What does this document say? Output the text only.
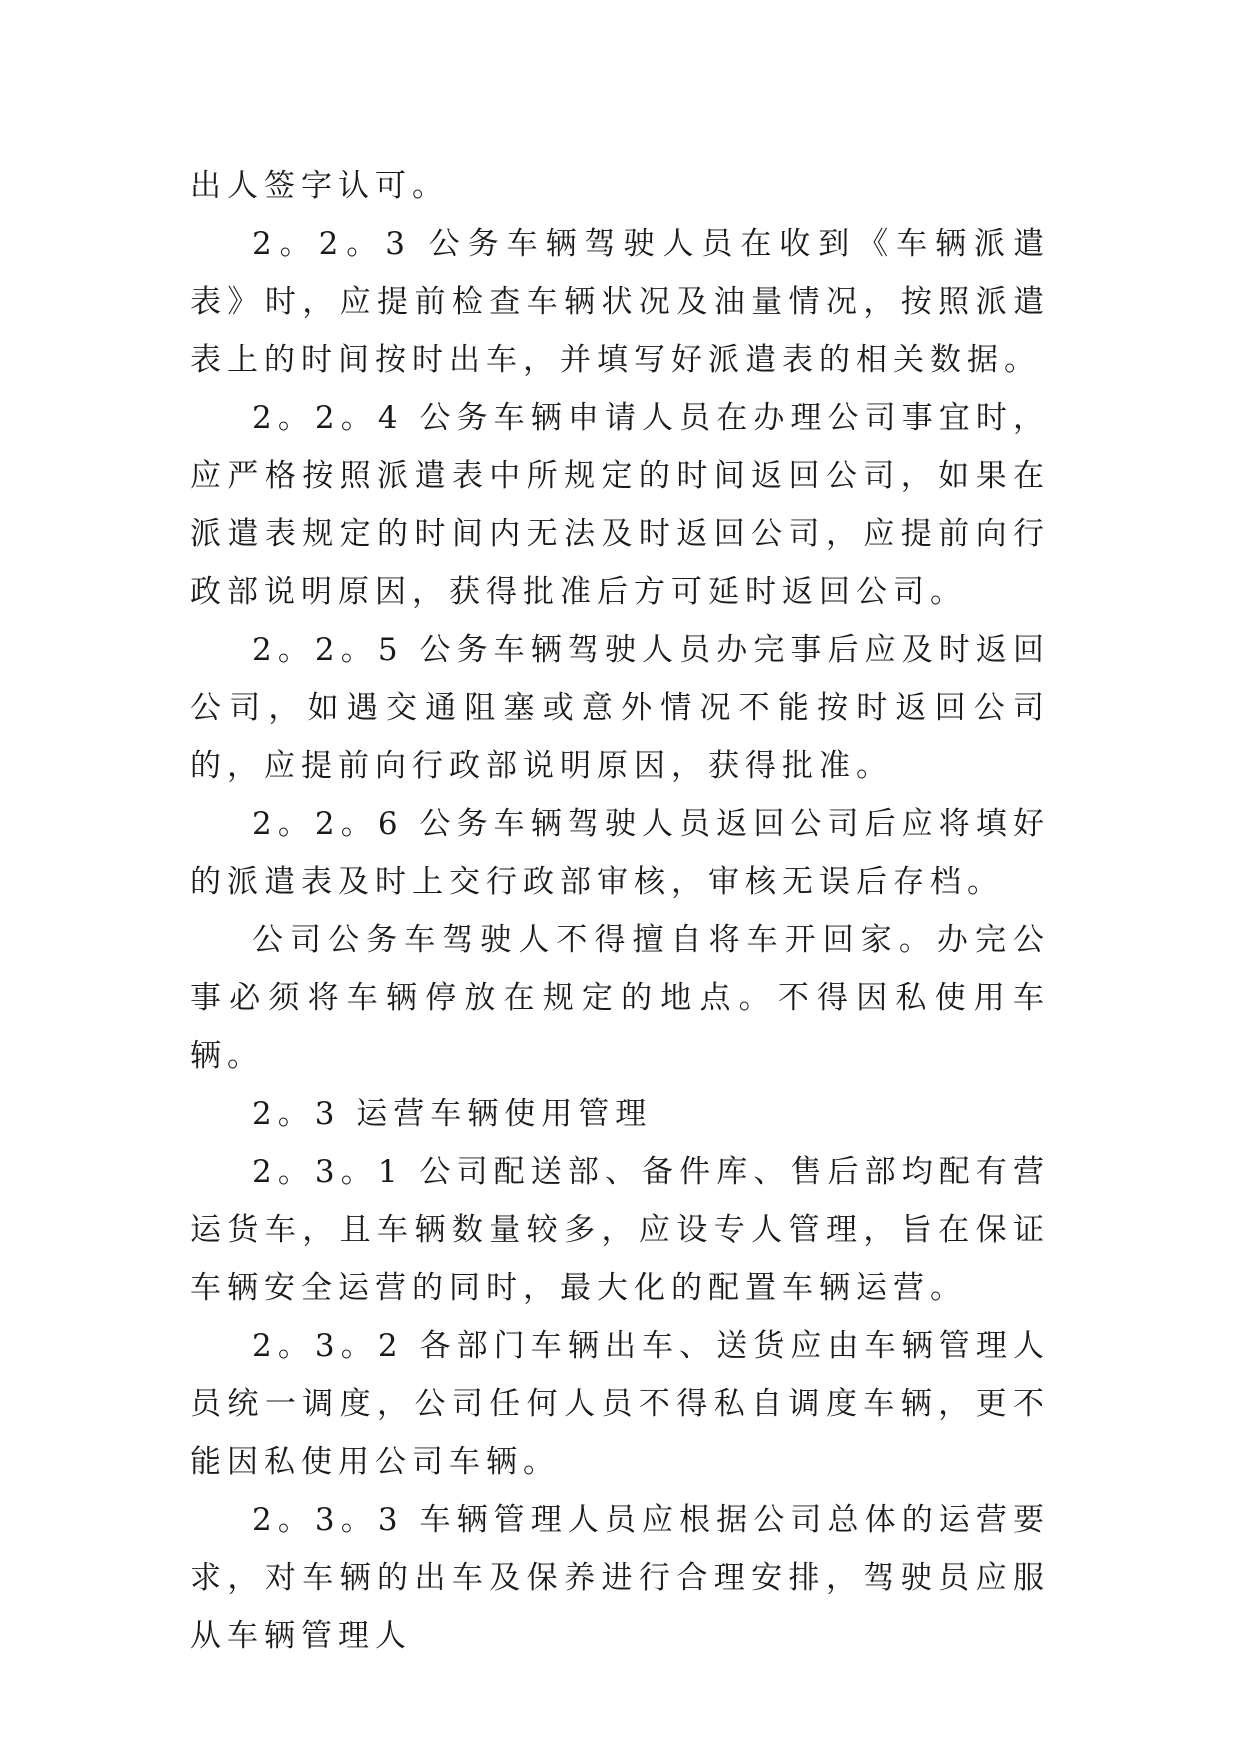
出人签字认可。

2。2。3 公务车辆驾驶人员在收到《车辆派遣表》时，应提前检查车辆状况及油量情况，按照派遣表上的时间按时出车，并填写好派遣表的相关数据。

2。2。4 公务车辆申请人员在办理公司事宜时，应严格按照派遣表中所规定的时间返回公司，如果在派遣表规定的时间内无法及时返回公司，应提前向行政部说明原因，获得批准后方可延时返回公司。

2。2。5 公务车辆驾驶人员办完事后应及时返回公司，如遇交通阻塞或意外情况不能按时返回公司的，应提前向行政部说明原因，获得批准。

2。2。6 公务车辆驾驶人员返回公司后应将填好的派遣表及时上交行政部审核，审核无误后存档。

公司公务车驾驶人不得擅自将车开回家。办完公事必须将车辆停放在规定的地点。不得因私使用车辆。

2。3 运营车辆使用管理

2。3。1 公司配送部、备件库、售后部均配有营运货车，且车辆数量较多，应设专人管理，旨在保证车辆安全运营的同时，最大化的配置车辆运营。

2。3。2 各部门车辆出车、送货应由车辆管理人员统一调度，公司任何人员不得私自调度车辆，更不能因私使用公司车辆。

2。3。3 车辆管理人员应根据公司总体的运营要求，对车辆的出车及保养进行合理安排，驾驶员应服从车辆管理人
